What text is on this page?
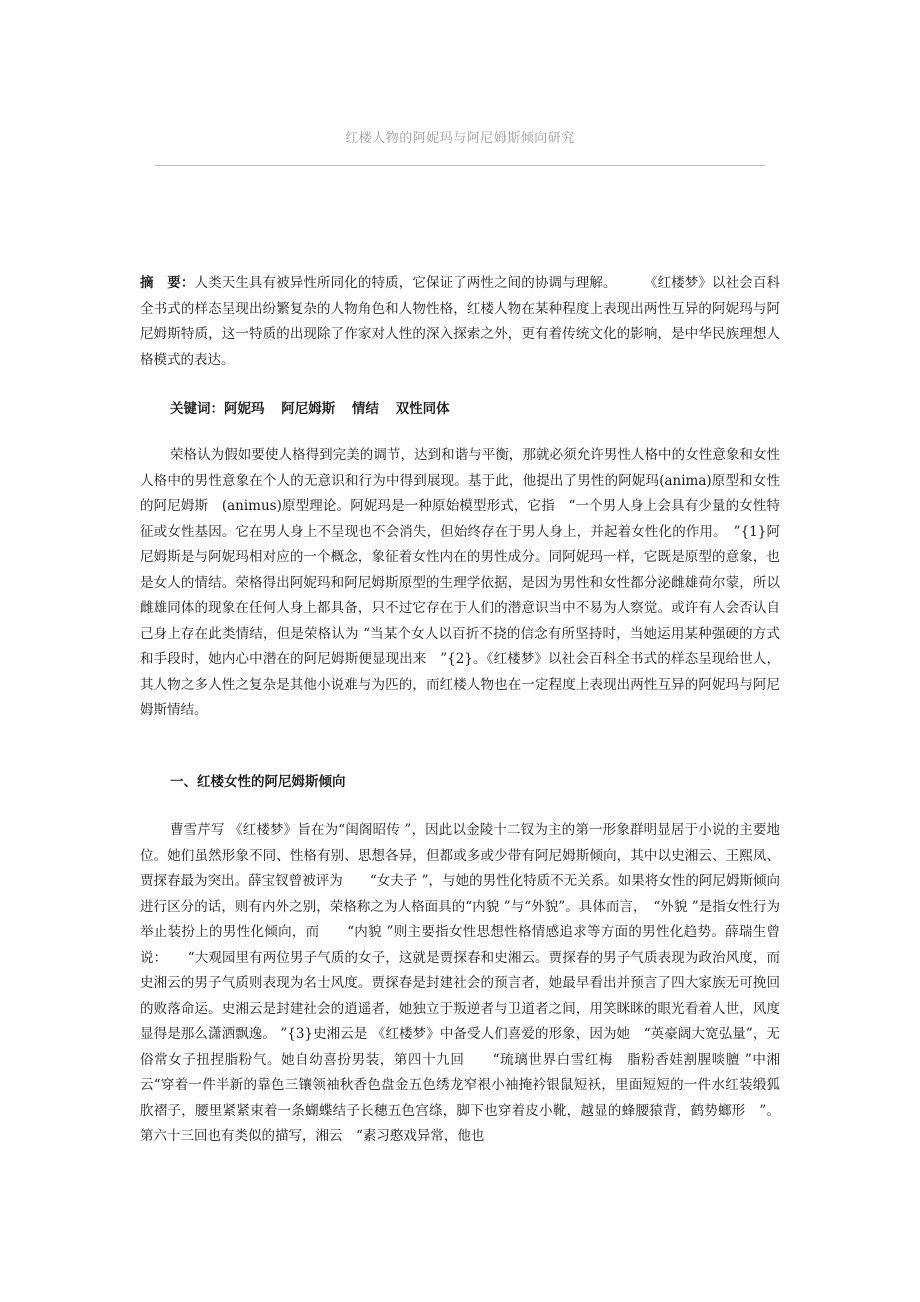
红楼人物的阿妮玛与阿尼姆斯倾向研究
摘　要：人类天生具有被异性所同化的特质，它保证了两性之间的协调与理解。　　　《红楼梦》以社会百科全书式的样态呈现出纷繁复杂的人物角色和人物性格，红楼人物在某种程度上表现出两性互异的阿妮玛与阿尼姆斯特质，这一特质的出现除了作家对人性的深入探索之外，更有着传统文化的影响，是中华民族理想人格模式的表达。
关键词：阿妮玛 阿尼姆斯 情结 双性同体
荣格认为假如要使人格得到完美的调节，达到和谐与平衡，那就必须允许男性人格中的女性意象和女性人格中的男性意象在个人的无意识和行为中得到展现。基于此，他提出了男性的阿妮玛(anima)原型和女性的阿尼姆斯　(animus)原型理论。阿妮玛是一种原始模型形式，它指　“一个男人身上会具有少量的女性特征或女性基因。它在男人身上不呈现也不会消失，但始终存在于男人身上，并起着女性化的作用。　”{1}阿尼姆斯是与阿妮玛相对应的一个概念，象征着女性内在的男性成分。同阿妮玛一样，它既是原型的意象，也是女人的情结。荣格得出阿妮玛和阿尼姆斯原型的生理学依据，是因为男性和女性都分泌雌雄荷尔蒙，所以雌雄同体的现象在任何人身上都具备，只不过它存在于人们的潜意识当中不易为人察觉。或许有人会否认自己身上存在此类情结，但是荣格认为 “当某个女人以百折不挠的信念有所坚持时，当她运用某种强硬的方式和手段时，她内心中潜在的阿尼姆斯便显现出来　”{2}。《红楼梦》以社会百科全书式的样态呈现给世人，其人物之多人性之复杂是其他小说难与为匹的，而红楼人物也在一定程度上表现出两性互异的阿妮玛与阿尼姆斯情结。
一、红楼女性的阿尼姆斯倾向
曹雪芹写 《红楼梦》旨在为“闺阁昭传 ”，因此以金陵十二钗为主的第一形象群明显居于小说的主要地位。她们虽然形象不同、性格有别、思想各异，但都或多或少带有阿尼姆斯倾向，其中以史湘云、王熙凤、贾探春最为突出。薛宝钗曾被评为　　“女夫子 ”，与她的男性化特质不无关系。如果将女性的阿尼姆斯倾向进行区分的话，则有内外之别，荣格称之为人格面具的“内貌 ”与“外貌”。具体而言，　“外貌 ”是指女性行为举止装扮上的男性化倾向，而　　“内貌 ”则主要指女性思想性格情感追求等方面的男性化趋势。薛瑞生曾说：　　“大观园里有两位男子气质的女子，这就是贾探春和史湘云。贾探春的男子气质表现为政治风度，而史湘云的男子气质则表现为名士风度。贾探春是封建社会的预言者，她最早看出并预言了四大家族无可挽回的败落命运。史湘云是封建社会的逍遥者，她独立于叛逆者与卫道者之间，用笑眯眯的眼光看着人世，风度显得是那么潇洒飘逸。 ”{3}史湘云是 《红楼梦》中备受人们喜爱的形象，因为她　“英豪阔大宽弘量”，无俗常女子扭捏脂粉气。她自幼喜扮男装，第四十九回　　“琉璃世界白雪红梅　脂粉香娃割腥啖膻 ”中湘云“穿着一件半新的靠色三镶领袖秋香色盘金五色绣龙窄裉小袖掩衿银鼠短袄，里面短短的一件水红装缎狐肷褶子，腰里紧紧束着一条蝴蝶结子长穗五色宫绦，脚下也穿着皮小靴，越显的蜂腰猿背，鹤势螂形　”。第六十三回也有类似的描写，湘云　“素习憨戏异常，他也
